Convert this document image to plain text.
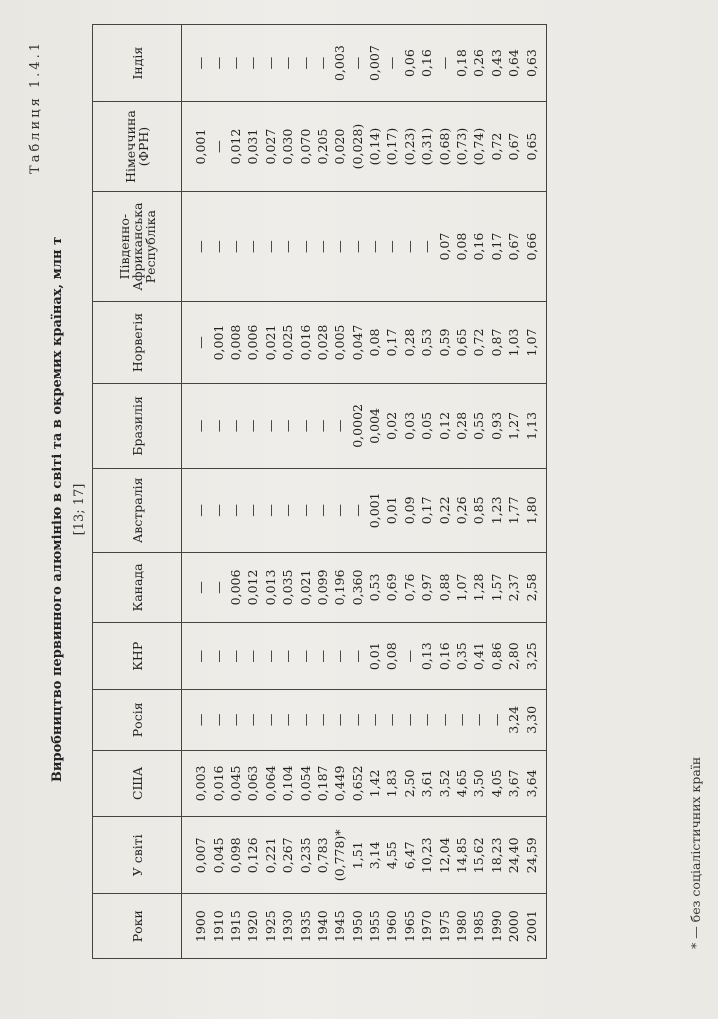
Таблиця 1.4.1
Виробництво первинного алюмінію в світі та в окремих країнах, млн т [13; 17]
Роки	У світі	США	Росія	КНР	Канада	Австралія	Бразилія	Норвегія	Південно-Африканська Республіка	Німеччина (ФРН)	Індія
1900	0,007	0,003	—	—	—	—	—	—	—	0,001	—
1910	0,045	0,016	—	—	—	—	—	0,001	—	—	—
1915	0,098	0,045	—	—	0,006	—	—	0,008	—	0,012	—
1920	0,126	0,063	—	—	0,012	—	—	0,006	—	0,031	—
1925	0,221	0,064	—	—	0,013	—	—	0,021	—	0,027	—
1930	0,267	0,104	—	—	0,035	—	—	0,025	—	0,030	—
1935	0,235	0,054	—	—	0,021	—	—	0,016	—	0,070	—
1940	0,783	0,187	—	—	0,099	—	—	0,028	—	0,205	—
1945	(0,778)*	0,449	—	—	0,196	—	—	0,005	—	0,020	0,003
1950	1,51	0,652	—	—	0,360	—	0,0002	0,047	—	(0,028)	—
1955	3,14	1,42	—	0,01	0,53	0,001	0,004	0,08	—	(0,14)	0,007
1960	4,55	1,83	—	0,08	0,69	0,01	0,02	0,17	—	(0,17)	—
1965	6,47	2,50	—	—	0,76	0,09	0,03	0,28	—	(0,23)	0,06
1970	10,23	3,61	—	0,13	0,97	0,17	0,05	0,53	—	(0,31)	0,16
1975	12,04	3,52	—	0,16	0,88	0,22	0,12	0,59	0,07	(0,68)	—
1980	14,85	4,65	—	0,35	1,07	0,26	0,28	0,65	0,08	(0,73)	0,18
1985	15,62	3,50	—	0,41	1,28	0,85	0,55	0,72	0,16	(0,74)	0,26
1990	18,23	4,05	—	0,86	1,57	1,23	0,93	0,87	0,17	0,72	0,43
2000	24,40	3,67	3,24	2,80	2,37	1,77	1,27	1,03	0,67	0,67	0,64
2001	24,59	3,64	3,30	3,25	2,58	1,80	1,13	1,07	0,66	0,65	0,63
* — без соціалістичних країн
